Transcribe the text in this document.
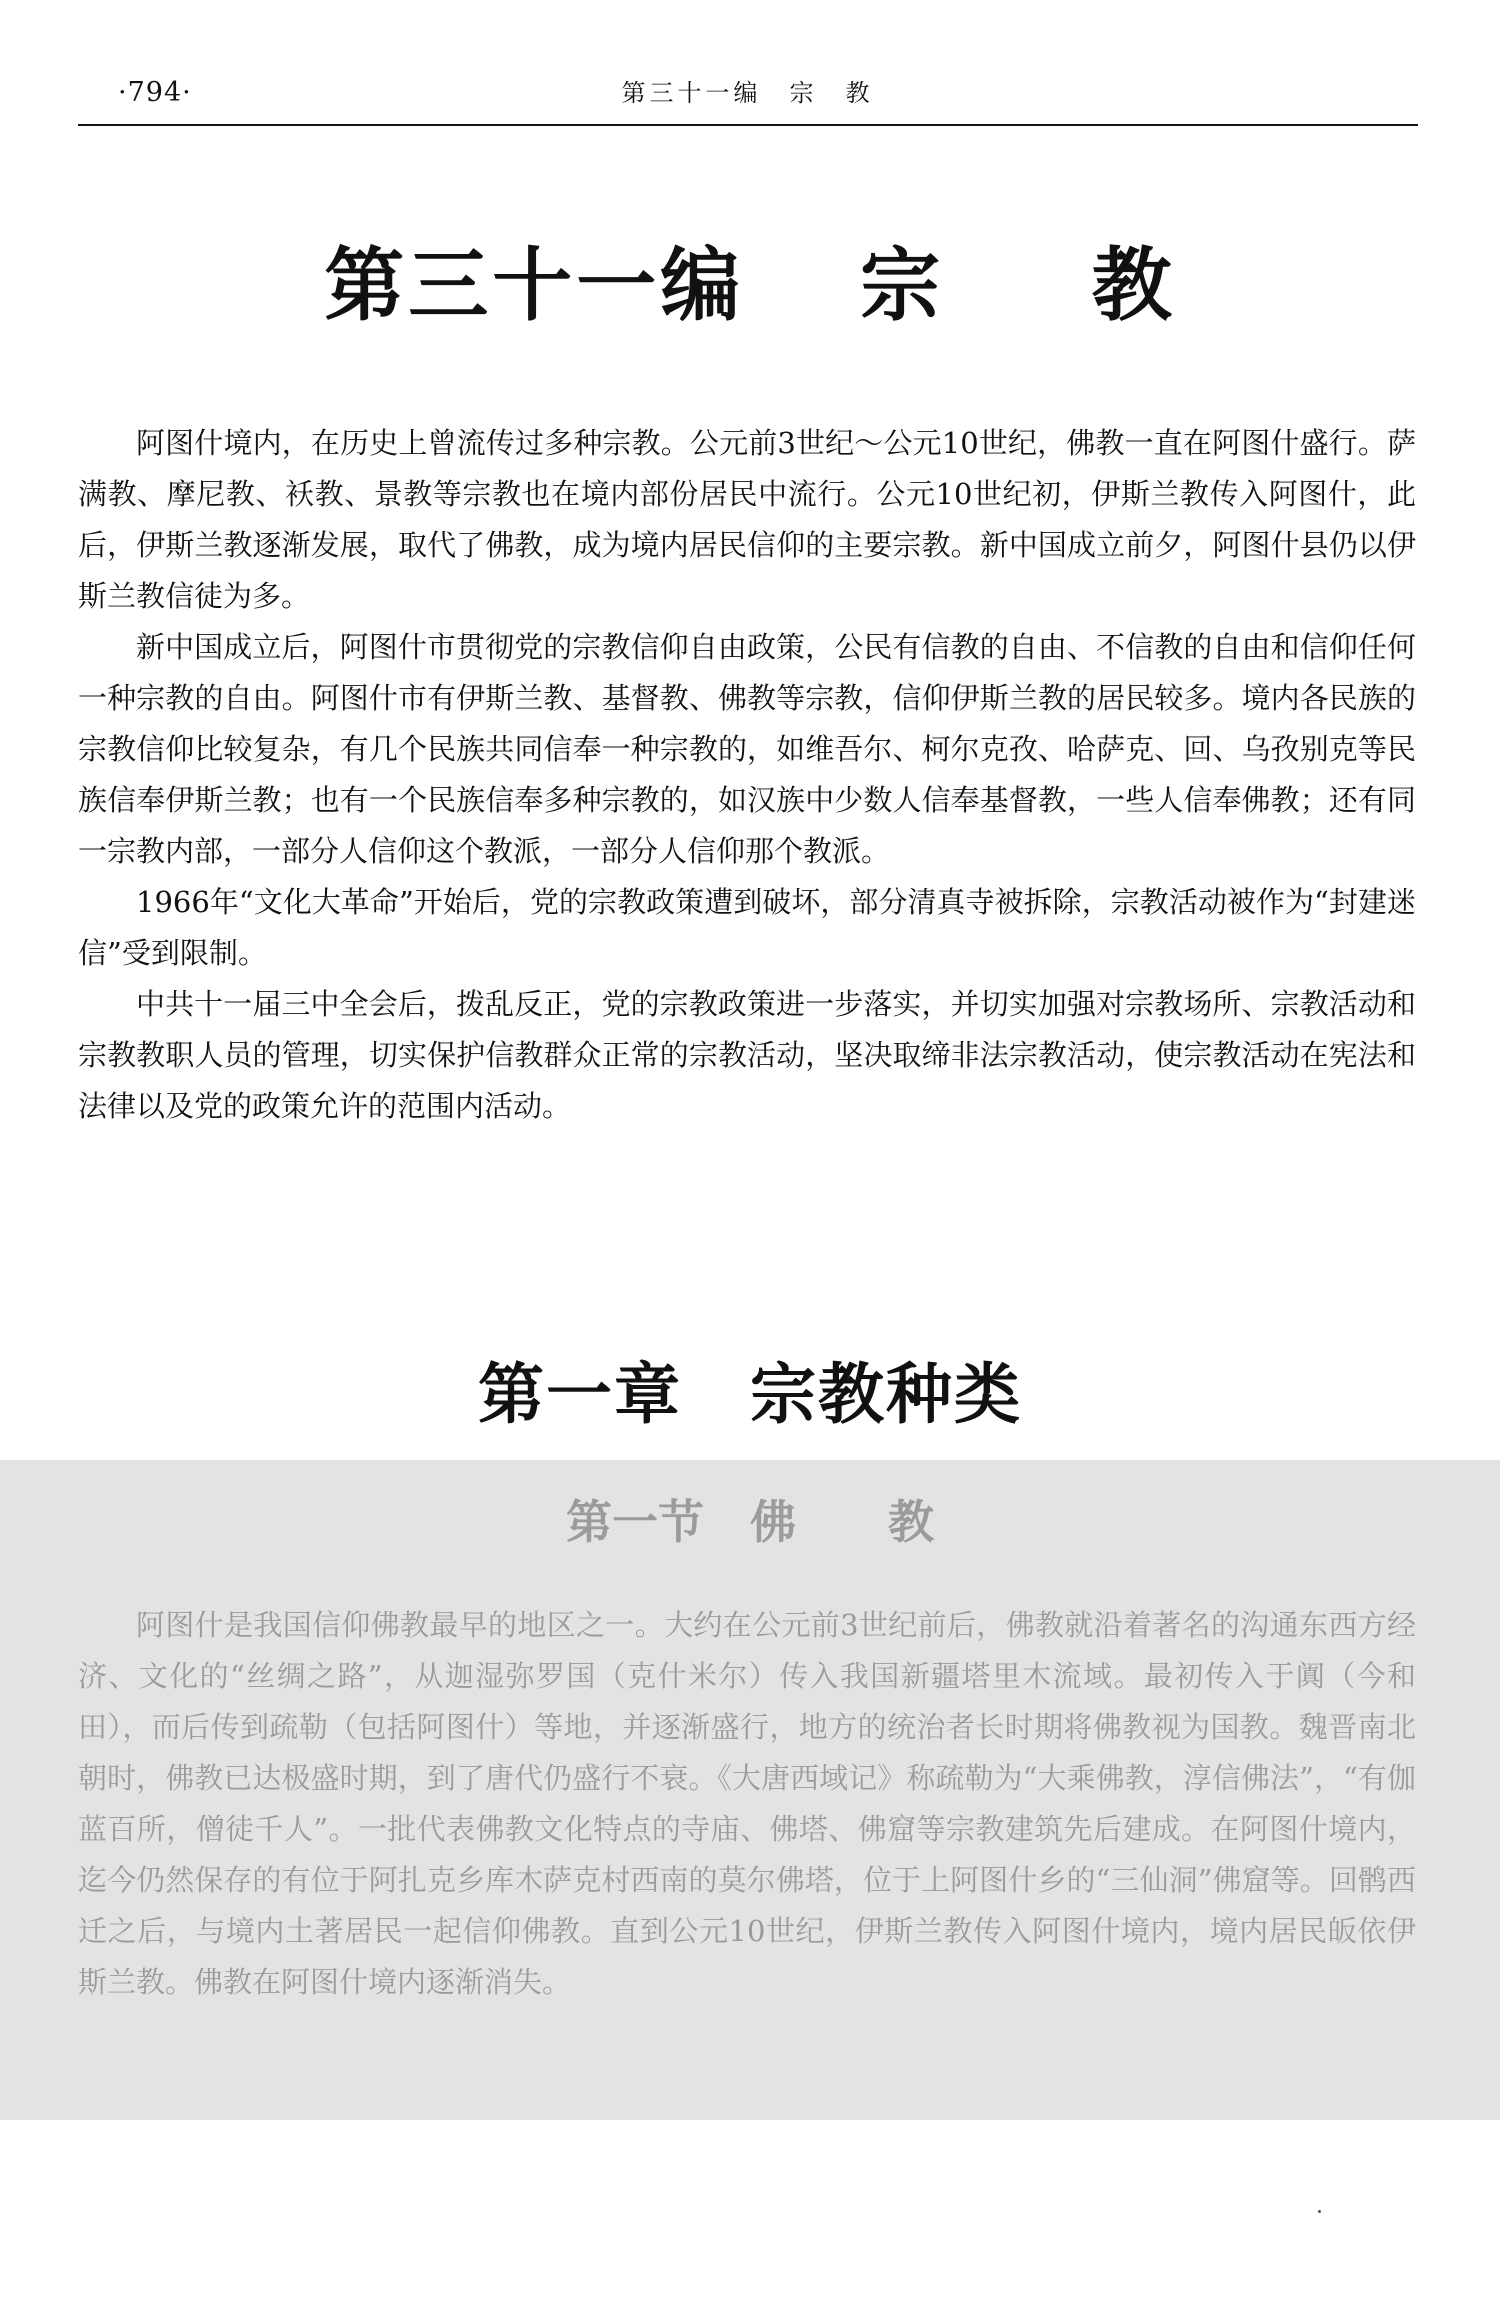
·794·	第三十一编　宗　教
第三十一编　 宗　  教

阿图什境内，在历史上曾流传过多种宗教。公元前3世纪～公元10世纪，佛教一直在阿图什盛行。萨满教、摩尼教、袄教、景教等宗教也在境内部份居民中流行。公元10世纪初，伊斯兰教传入阿图什，此后，伊斯兰教逐渐发展，取代了佛教，成为境内居民信仰的主要宗教。新中国成立前夕，阿图什县仍以伊斯兰教信徒为多。

新中国成立后，阿图什市贯彻党的宗教信仰自由政策，公民有信教的自由、不信教的自由和信仰任何一种宗教的自由。阿图什市有伊斯兰教、基督教、佛教等宗教，信仰伊斯兰教的居民较多。境内各民族的宗教信仰比较复杂，有几个民族共同信奉一种宗教的，如维吾尔、柯尔克孜、哈萨克、回、乌孜别克等民族信奉伊斯兰教；也有一个民族信奉多种宗教的，如汉族中少数人信奉基督教，一些人信奉佛教；还有同一宗教内部，一部分人信仰这个教派，一部分人信仰那个教派。

1966年“文化大革命”开始后，党的宗教政策遭到破坏，部分清真寺被拆除，宗教活动被作为“封建迷信”受到限制。

中共十一届三中全会后，拨乱反正，党的宗教政策进一步落实，并切实加强对宗教场所、宗教活动和宗教教职人员的管理，切实保护信教群众正常的宗教活动，坚决取缔非法宗教活动，使宗教活动在宪法和法律以及党的政策允许的范围内活动。

第一章　宗教种类
第一节　佛　　教

阿图什是我国信仰佛教最早的地区之一。大约在公元前3世纪前后，佛教就沿着著名的沟通东西方经济、文化的“丝绸之路”，从迦湿弥罗国（克什米尔）传入我国新疆塔里木流域。最初传入于阗（今和田），而后传到疏勒（包括阿图什）等地，并逐渐盛行，地方的统治者长时期将佛教视为国教。魏晋南北朝时，佛教已达极盛时期，到了唐代仍盛行不衰。《大唐西域记》称疏勒为“大乘佛教，淳信佛法”，“有伽蓝百所，僧徒千人”。一批代表佛教文化特点的寺庙、佛塔、佛窟等宗教建筑先后建成。在阿图什境内，迄今仍然保存的有位于阿扎克乡库木萨克村西南的莫尔佛塔，位于上阿图什乡的“三仙洞”佛窟等。回鹘西迁之后，与境内土著居民一起信仰佛教。直到公元10世纪，伊斯兰教传入阿图什境内，境内居民皈依伊斯兰教。佛教在阿图什境内逐渐消失。
